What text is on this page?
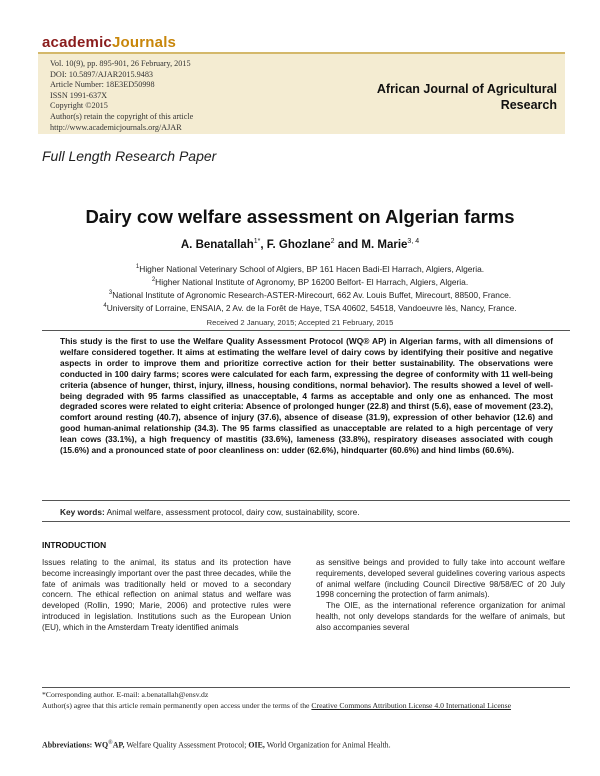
academicJournals
Vol. 10(9), pp. 895-901, 26 February, 2015
DOI: 10.5897/AJAR2015.9483
Article Number: 18E3ED50998
ISSN 1991-637X
Copyright ©2015
Author(s) retain the copyright of this article
http://www.academicjournals.org/AJAR
African Journal of Agricultural
Research
Full Length Research Paper
Dairy cow welfare assessment on Algerian farms
A. Benatallah$^{1*}$, F. Ghozlane$^2$ and M. Marie$^{3, 4}$
$^1$Higher National Veterinary School of Algiers, BP 161 Hacen Badi-El Harrach, Algiers, Algeria.
$^2$Higher National Institute of Agronomy, BP 16200 Belfort- El Harrach, Algiers, Algeria.
$^3$National Institute of Agronomic Research-ASTER-Mirecourt, 662 Av. Louis Buffet, Mirecourt, 88500, France.
$^4$University of Lorraine, ENSAIA, 2 Av. de la Forêt de Haye, TSA 40602, 54518, Vandoeuvre lès, Nancy, France.
Received 2 January, 2015; Accepted 21 February, 2015

This study is the first to use the Welfare Quality Assessment Protocol (WQ® AP) in Algerian farms, with all dimensions of welfare considered together. It aims at estimating the welfare level of dairy cows by identifying their positive and negative aspects in order to improve them and prioritize corrective action for their better sustainability. The observations were conducted in 100 dairy farms; scores were calculated for each farm, expressing the degree of conformity with 11 well-being criteria (absence of hunger, thirst, injury, illness, housing conditions, normal behavior). The results showed a level of well-being degraded with 95 farms classified as unacceptable, 4 farms as acceptable and only one as enhanced. The most degraded scores were related to eight criteria: Absence of prolonged hunger (22.8) and thirst (5.6), ease of movement (23.2), comfort around resting (40.7), absence of injury (37.6), absence of disease (31.9), expression of other behavior (12.6) and good human-animal relationship (34.3). The 95 farms classified as unacceptable are related to a high percentage of very lean cows (33.1%), a high frequency of mastitis (33.6%), lameness (33.8%), respiratory diseases associated with cough (15.6%) and a pronounced state of poor cleanliness on: udder (62.6%), hindquarter (60.6%) and hind limbs (60.6%).

Key words: Animal welfare, assessment protocol, dairy cow, sustainability, score.
INTRODUCTION

Issues relating to the animal, its status and its protection have become increasingly important over the past three decades, while the fate of animals was traditionally held or moved to a secondary concern. The ethical reflection on animal status and welfare was developed (Rollin, 1990; Marie, 2006) and protective rules were introduced in legislation. Institutions such as the European Union (EU), which in the Amsterdam Treaty identified animals

as sensitive beings and provided to fully take into account welfare requirements, developed several guidelines covering various aspects of animal welfare (including Council Directive 98/58/EC of 20 July 1998 concerning the protection of farm animals).

The OIE, as the international reference organization for animal health, not only develops standards for the welfare of animals, but also accompanies several

*Corresponding author. E-mail: a.benatallah@ensv.dz
Author(s) agree that this article remain permanently open access under the terms of the Creative Commons Attribution License 4.0 International License
Abbreviations: WQ®AP, Welfare Quality Assessment Protocol; OIE, World Organization for Animal Health.
